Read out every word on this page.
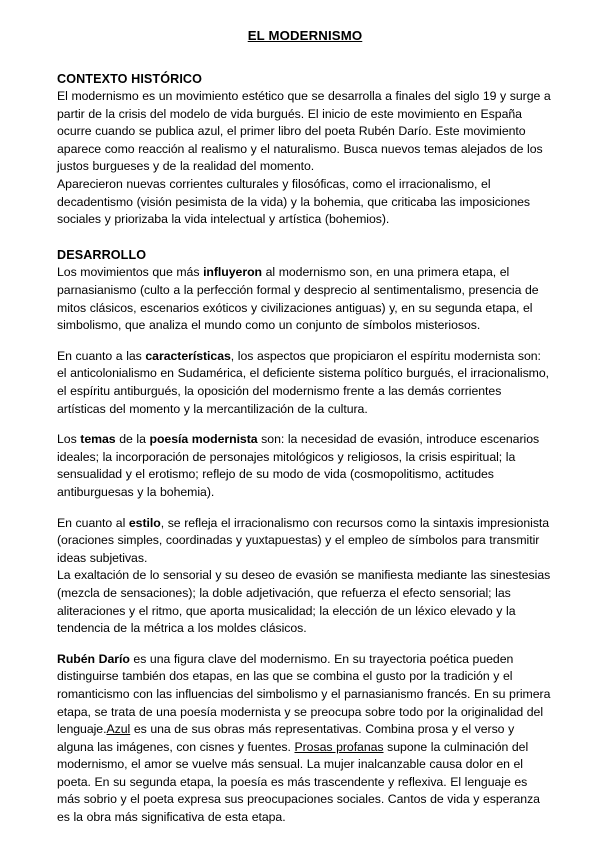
EL MODERNISMO
CONTEXTO HISTÓRICO

El modernismo es un movimiento estético que se desarrolla a finales del siglo 19 y surge a partir de la crisis del modelo de vida burgués. El inicio de este movimiento en España ocurre cuando se publica azul, el primer libro del poeta Rubén Darío. Este movimiento aparece como reacción al realismo y el naturalismo. Busca nuevos temas alejados de los justos burgueses y de la realidad del momento.

Aparecieron nuevas corrientes culturales y filosóficas, como el irracionalismo, el decadentismo (visión pesimista de la vida) y la bohemia, que criticaba las imposiciones sociales y priorizaba la vida intelectual y artística (bohemios).

DESARROLLO

Los movimientos que más influyeron al modernismo son, en una primera etapa, el parnasianismo (culto a la perfección formal y desprecio al sentimentalismo, presencia de mitos clásicos, escenarios exóticos y civilizaciones antiguas) y, en su segunda etapa, el simbolismo, que analiza el mundo como un conjunto de símbolos misteriosos.

En cuanto a las características, los aspectos que propiciaron el espíritu modernista son: el anticolonialismo en Sudamérica, el deficiente sistema político burgués, el irracionalismo, el espíritu antiburgués, la oposición del modernismo frente a las demás corrientes artísticas del momento y la mercantilización de la cultura.

Los temas de la poesía modernista son: la necesidad de evasión, introduce escenarios ideales; la incorporación de personajes mitológicos y religiosos, la crisis espiritual; la sensualidad y el erotismo; reflejo de su modo de vida (cosmopolitismo, actitudes antiburguesas y la bohemia).

En cuanto al estilo, se refleja el irracionalismo con recursos como la sintaxis impresionista (oraciones simples, coordinadas y yuxtapuestas) y el empleo de símbolos para transmitir ideas subjetivas.

La exaltación de lo sensorial y su deseo de evasión se manifiesta mediante las sinestesias (mezcla de sensaciones); la doble adjetivación, que refuerza el efecto sensorial; las aliteraciones y el ritmo, que aporta musicalidad; la elección de un léxico elevado y la tendencia de la métrica a los moldes clásicos.

Rubén Darío es una figura clave del modernismo. En su trayectoria poética pueden distinguirse también dos etapas, en las que se combina el gusto por la tradición y el romanticismo con las influencias del simbolismo y el parnasianismo francés. En su primera etapa, se trata de una poesía modernista y se preocupa sobre todo por la originalidad del lenguaje.Azul es una de sus obras más representativas. Combina prosa y el verso y alguna las imágenes, con cisnes y fuentes. Prosas profanas supone la culminación del modernismo, el amor se vuelve más sensual. La mujer inalcanzable causa dolor en el poeta. En su segunda etapa, la poesía es más trascendente y reflexiva. El lenguaje es más sobrio y el poeta expresa sus preocupaciones sociales. Cantos de vida y esperanza es la obra más significativa de esta etapa.
